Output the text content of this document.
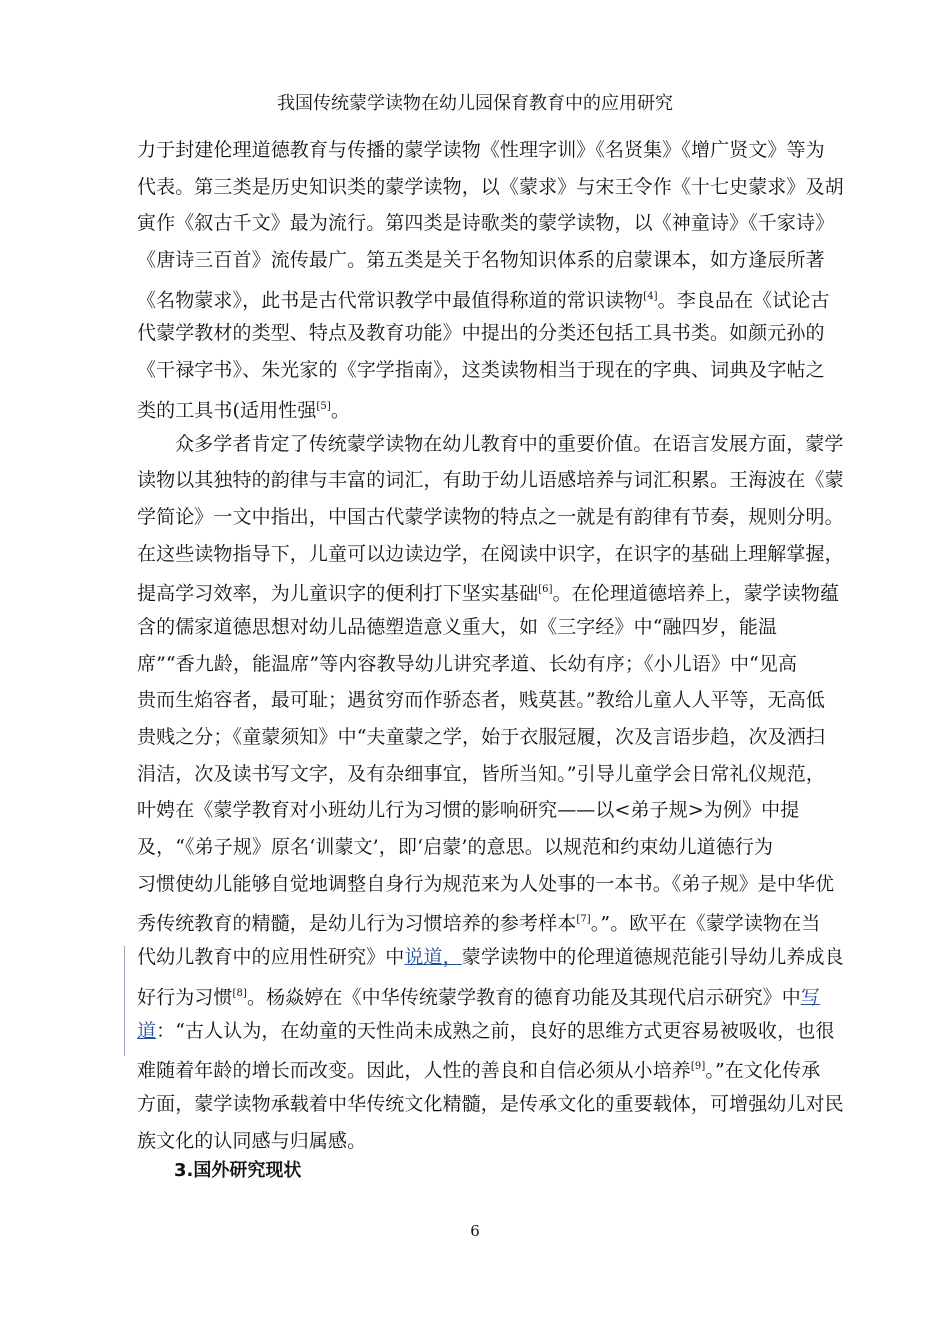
我国传统蒙学读物在幼儿园保育教育中的应用研究
力于封建伦理道德教育与传播的蒙学读物《性理字训》《名贤集》《增广贤文》等为
代表。第三类是历史知识类的蒙学读物，以《蒙求》与宋王令作《十七史蒙求》及胡
寅作《叙古千文》最为流行。第四类是诗歌类的蒙学读物，以《神童诗》《千家诗》
《唐诗三百首》流传最广。第五类是关于名物知识体系的启蒙课本，如方逢辰所著
《名物蒙求》，此书是古代常识教学中最值得称道的常识读物[4]。李良品在《试论古
代蒙学教材的类型、特点及教育功能》中提出的分类还包括工具书类。如颜元孙的
《干禄字书》、朱光家的《字学指南》，这类读物相当于现在的字典、词典及字帖之
类的工具书(适用性强[5]。
众多学者肯定了传统蒙学读物在幼儿教育中的重要价值。在语言发展方面，蒙学
读物以其独特的韵律与丰富的词汇，有助于幼儿语感培养与词汇积累。王海波在《蒙
学简论》一文中指出，中国古代蒙学读物的特点之一就是有韵律有节奏，规则分明。
在这些读物指导下，儿童可以边读边学，在阅读中识字，在识字的基础上理解掌握，
提高学习效率，为儿童识字的便利打下坚实基础[6]。在伦理道德培养上，蒙学读物蕴
含的儒家道德思想对幼儿品德塑造意义重大，如《三字经》中“融四岁，能温
席”“香九龄，能温席”等内容教导幼儿讲究孝道、长幼有序；《小儿语》中“见高
贵而生焰容者，最可耻；遇贫穷而作骄态者，贱莫甚。”教给儿童人人平等，无高低
贵贱之分；《童蒙须知》中“夫童蒙之学，始于衣服冠履，次及言语步趋，次及洒扫
涓洁，次及读书写文字，及有杂细事宜，皆所当知。”引导儿童学会日常礼仪规范，
叶娉在《蒙学教育对小班幼儿行为习惯的影响研究——以<弟子规>为例》中提
及，“《弟子规》原名‘训蒙文’，即‘启蒙’的意思。以规范和约束幼儿道德行为
习惯使幼儿能够自觉地调整自身行为规范来为人处事的一本书。《弟子规》是中华优
秀传统教育的精髓，是幼儿行为习惯培养的参考样本[7]。”。欧平在《蒙学读物在当
代幼儿教育中的应用性研究》中说道，蒙学读物中的伦理道德规范能引导幼儿养成良
好行为习惯[8]。杨焱婷在《中华传统蒙学教育的德育功能及其现代启示研究》中写
道：“古人认为，在幼童的天性尚未成熟之前，良好的思维方式更容易被吸收，也很
难随着年龄的增长而改变。因此，人性的善良和自信必须从小培养[9]。”在文化传承
方面，蒙学读物承载着中华传统文化精髓，是传承文化的重要载体，可增强幼儿对民
族文化的认同感与归属感。
3.国外研究现状
6
